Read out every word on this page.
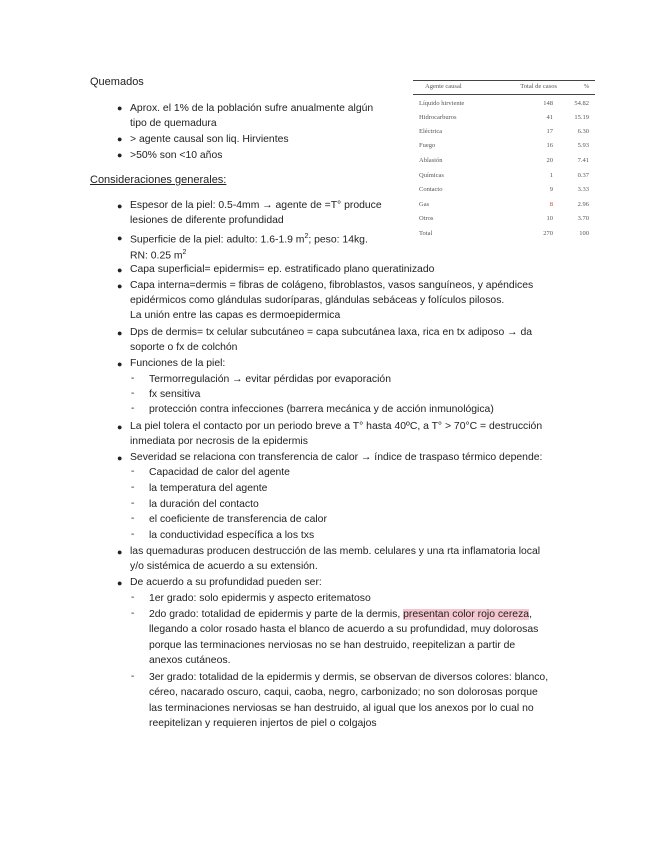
Quemados
● Aprox. el 1% de la población sufre anualmente algún
tipo de quemadura
● > agente causal son liq. Hirvientes
● >50% son <10 años
Agente causal	Total de casos	%
Líquido hirviente	148	54.82
Hidrocarburos	41	15.19
Eléctrica	17	6.30
Fuego	16	5.93
Ablasión	20	7.41
Químicas	1	0.37
Contacto	9	3.33
Gas	8	2.96
Otros	10	3.70
Total	270	100
Consideraciones generales:
● Espesor de la piel: 0.5-4mm → agente de =T° produce
lesiones de diferente profundidad
● Superficie de la piel: adulto: 1.6-1.9 $m^2$; peso: 14kg.
RN: 0.25 $m^2$
● Capa superficial= epidermis= ep. estratificado plano queratinizado
● Capa interna=dermis = fibras de colágeno, fibroblastos, vasos sanguíneos, y apéndices
epidérmicos como glándulas sudoríparas, glándulas sebáceas y folículos pilosos.
La unión entre las capas es dermoepidermica
● Dps de dermis= tx celular subcutáneo = capa subcutánea laxa, rica en tx adiposo → da
soporte o fx de colchón
● Funciones de la piel:
- Termorregulación → evitar pérdidas por evaporación
- fx sensitiva
- protección contra infecciones (barrera mecánica y de acción inmunológica)
● La piel tolera el contacto por un periodo breve a T° hasta 40ºC, a T° > 70°C = destrucción
inmediata por necrosis de la epidermis
● Severidad se relaciona con transferencia de calor → índice de traspaso térmico depende:
- Capacidad de calor del agente
- la temperatura del agente
- la duración del contacto
- el coeficiente de transferencia de calor
- la conductividad específica a los txs
● las quemaduras producen destrucción de las memb. celulares y una rta inflamatoria local
y/o sistémica de acuerdo a su extensión.
● De acuerdo a su profundidad pueden ser:
- 1er grado: solo epidermis y aspecto eritematoso
- 2do grado: totalidad de epidermis y parte de la dermis, presentan color rojo cereza,
llegando a color rosado hasta el blanco de acuerdo a su profundidad, muy dolorosas
porque las terminaciones nerviosas no se han destruido, reepitelizan a partir de
anexos cutáneos.
- 3er grado: totalidad de la epidermis y dermis, se observan de diversos colores: blanco,
céreo, nacarado oscuro, caqui, caoba, negro, carbonizado; no son dolorosas porque
las terminaciones nerviosas se han destruido, al igual que los anexos por lo cual no
reepitelizan y requieren injertos de piel o colgajos
